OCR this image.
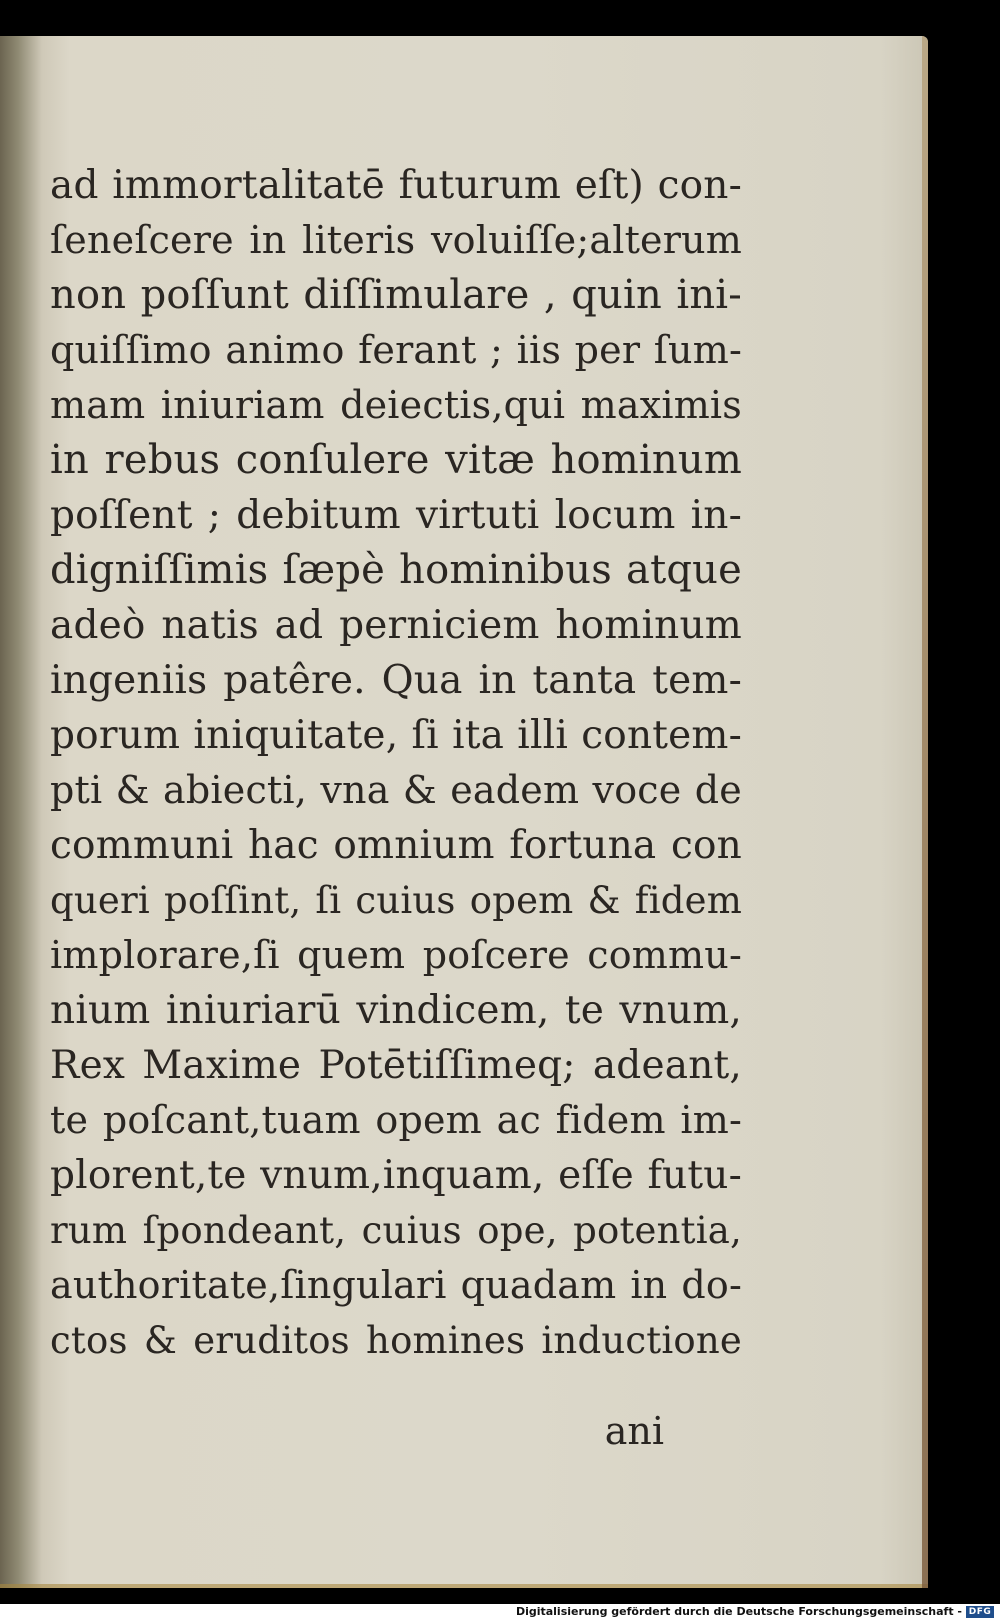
ad immortalitatē futurum eſt) con-
ſeneſcere in literis voluiſſe;alterum
non poſſunt diſſimulare , quin ini-
quiſſimo animo ferant ; iis per ſum-
mam iniuriam deiectis,qui maximis
in rebus conſulere vitæ hominum
poſſent ; debitum virtuti locum in-
digniſſimis ſæpè hominibus atque
adeò natis ad perniciem hominum
ingeniis patêre. Qua in tanta tem-
porum iniquitate, ſi ita illi contem-
pti & abiecti, vna & eadem voce de
communi hac omnium fortuna con
queri poſſint, ſi cuius opem & fidem
implorare,ſi quem poſcere commu-
nium iniuriarū vindicem, te vnum,
Rex Maxime Potētiſſimeq; adeant,
te poſcant,tuam opem ac fidem im-
plorent,te vnum,inquam, eſſe futu-
rum ſpondeant, cuius ope, potentia,
authoritate,ſingulari quadam in do-
ctos & eruditos homines inductione
ani
Digitalisierung gefördert durch die Deutsche Forschungsgemeinschaft - DFG
